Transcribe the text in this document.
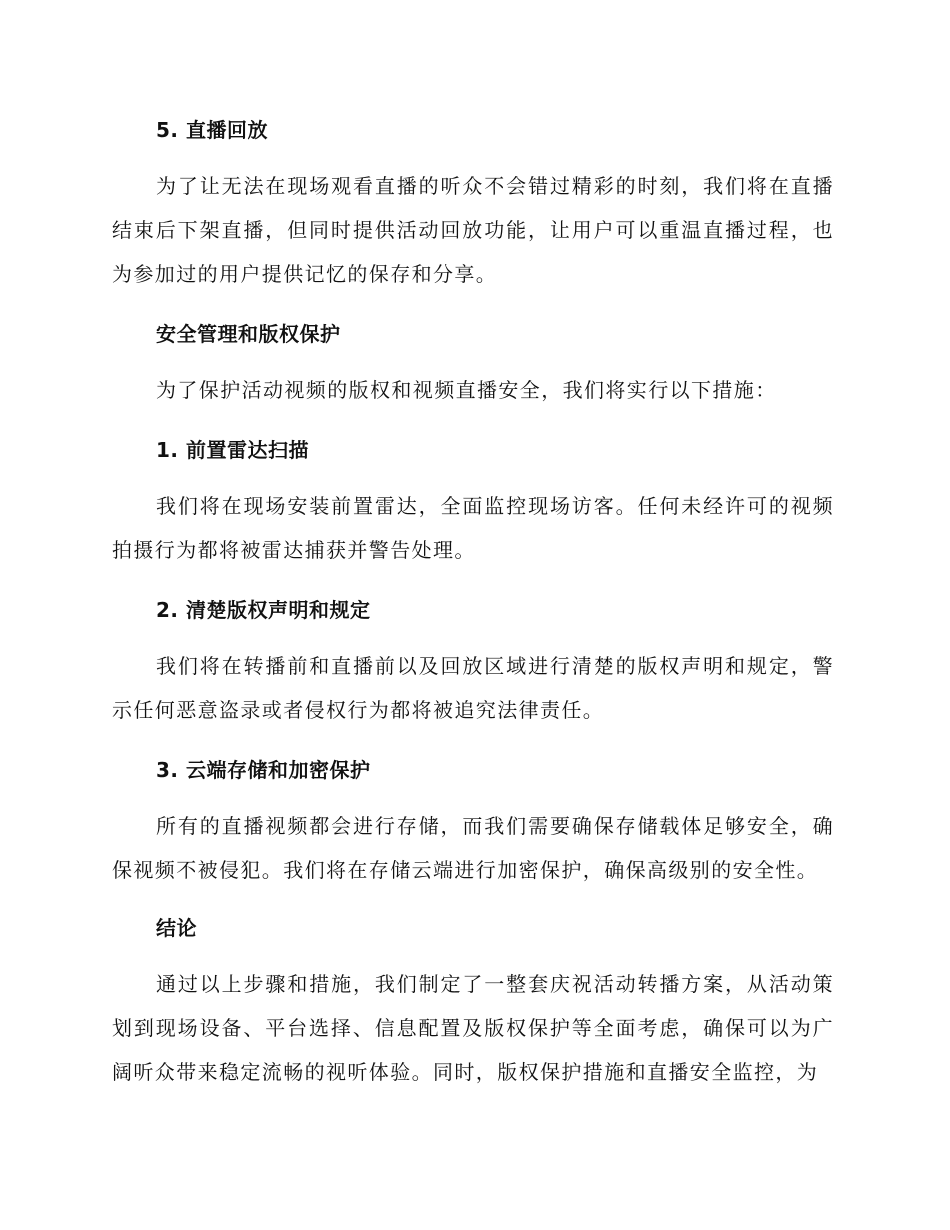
5. 直播回放
为了让无法在现场观看直播的听众不会错过精彩的时刻，我们将在直播结束后下架直播，但同时提供活动回放功能，让用户可以重温直播过程，也为参加过的用户提供记忆的保存和分享。
安全管理和版权保护
为了保护活动视频的版权和视频直播安全，我们将实行以下措施：
1. 前置雷达扫描
我们将在现场安装前置雷达，全面监控现场访客。任何未经许可的视频拍摄行为都将被雷达捕获并警告处理。
2. 清楚版权声明和规定
我们将在转播前和直播前以及回放区域进行清楚的版权声明和规定，警示任何恶意盗录或者侵权行为都将被追究法律责任。
3. 云端存储和加密保护
所有的直播视频都会进行存储，而我们需要确保存储载体足够安全，确保视频不被侵犯。我们将在存储云端进行加密保护，确保高级别的安全性。
结论
通过以上步骤和措施，我们制定了一整套庆祝活动转播方案，从活动策划到现场设备、平台选择、信息配置及版权保护等全面考虑，确保可以为广阔听众带来稳定流畅的视听体验。同时，版权保护措施和直播安全监控，为
